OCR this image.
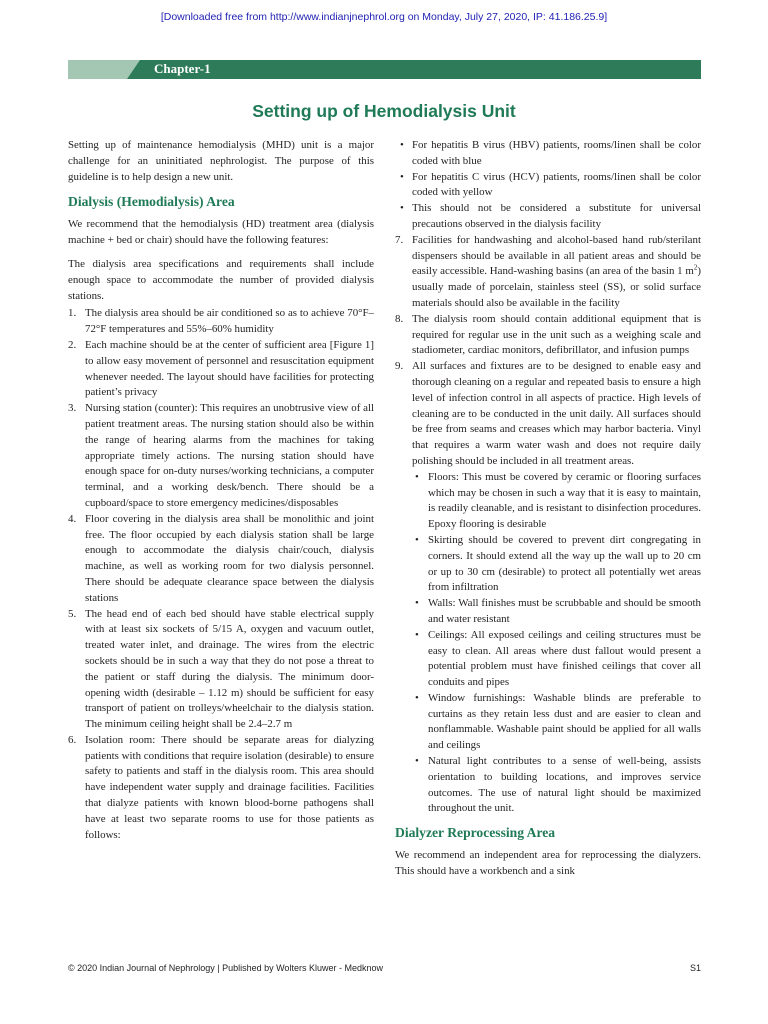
[Downloaded free from http://www.indianjnephrol.org on Monday, July 27, 2020, IP: 41.186.25.9]
Chapter-1
Setting up of Hemodialysis Unit

Setting up of maintenance hemodialysis (MHD) unit is a major challenge for an uninitiated nephrologist. The purpose of this guideline is to help design a new unit.

Dialysis (Hemodialysis) Area

We recommend that the hemodialysis (HD) treatment area (dialysis machine + bed or chair) should have the following features:

The dialysis area specifications and requirements shall include enough space to accommodate the number of provided dialysis stations.

1. The dialysis area should be air conditioned so as to achieve 70°F–72°F temperatures and 55%–60% humidity
2. Each machine should be at the center of sufficient area [Figure 1] to allow easy movement of personnel and resuscitation equipment whenever needed. The layout should have facilities for protecting patient’s privacy
3. Nursing station (counter): This requires an unobtrusive view of all patient treatment areas. The nursing station should also be within the range of hearing alarms from the machines for taking appropriate timely actions. The nursing station should have enough space for on-duty nurses/working technicians, a computer terminal, and a working desk/bench. There should be a cupboard/space to store emergency medicines/disposables
4. Floor covering in the dialysis area shall be monolithic and joint free. The floor occupied by each dialysis station shall be large enough to accommodate the dialysis chair/couch, dialysis machine, as well as working room for two dialysis personnel. There should be adequate clearance space between the dialysis stations
5. The head end of each bed should have stable electrical supply with at least six sockets of 5/15 A, oxygen and vacuum outlet, treated water inlet, and drainage. The wires from the electric sockets should be in such a way that they do not pose a threat to the patient or staff during the dialysis. The minimum door-opening width (desirable – 1.12 m) should be sufficient for easy transport of patient on trolleys/wheelchair to the dialysis station. The minimum ceiling height shall be 2.4–2.7 m
6. Isolation room: There should be separate areas for dialyzing patients with conditions that require isolation (desirable) to ensure safety to patients and staff in the dialysis room. This area should have independent water supply and drainage facilities. Facilities that dialyze patients with known blood-borne pathogens shall have at least two separate rooms to use for those patients as follows:
• For hepatitis B virus (HBV) patients, rooms/linen shall be color coded with blue
• For hepatitis C virus (HCV) patients, rooms/linen shall be color coded with yellow
• This should not be considered a substitute for universal precautions observed in the dialysis facility
7. Facilities for handwashing and alcohol-based hand rub/sterilant dispensers should be available in all patient areas and should be easily accessible. Hand-washing basins (an area of the basin 1 $m^2$) usually made of porcelain, stainless steel (SS), or solid surface materials should also be available in the facility
8. The dialysis room should contain additional equipment that is required for regular use in the unit such as a weighing scale and stadiometer, cardiac monitors, defibrillator, and infusion pumps
9. All surfaces and fixtures are to be designed to enable easy and thorough cleaning on a regular and repeated basis to ensure a high level of infection control in all aspects of practice. High levels of cleaning are to be conducted in the unit daily. All surfaces should be free from seams and creases which may harbor bacteria. Vinyl that requires a warm water wash and does not require daily polishing should be included in all treatment areas.
• Floors: This must be covered by ceramic or flooring surfaces which may be chosen in such a way that it is easy to maintain, is readily cleanable, and is resistant to disinfection procedures. Epoxy flooring is desirable
• Skirting should be covered to prevent dirt congregating in corners. It should extend all the way up the wall up to 20 cm or up to 30 cm (desirable) to protect all potentially wet areas from infiltration
• Walls: Wall finishes must be scrubbable and should be smooth and water resistant
• Ceilings: All exposed ceilings and ceiling structures must be easy to clean. All areas where dust fallout would present a potential problem must have finished ceilings that cover all conduits and pipes
• Window furnishings: Washable blinds are preferable to curtains as they retain less dust and are easier to clean and nonflammable. Washable paint should be applied for all walls and ceilings
• Natural light contributes to a sense of well-being, assists orientation to building locations, and improves service outcomes. The use of natural light should be maximized throughout the unit.
Dialyzer Reprocessing Area

We recommend an independent area for reprocessing the dialyzers. This should have a workbench and a sink

© 2020 Indian Journal of Nephrology | Published by Wolters Kluwer - Medknow	S1
